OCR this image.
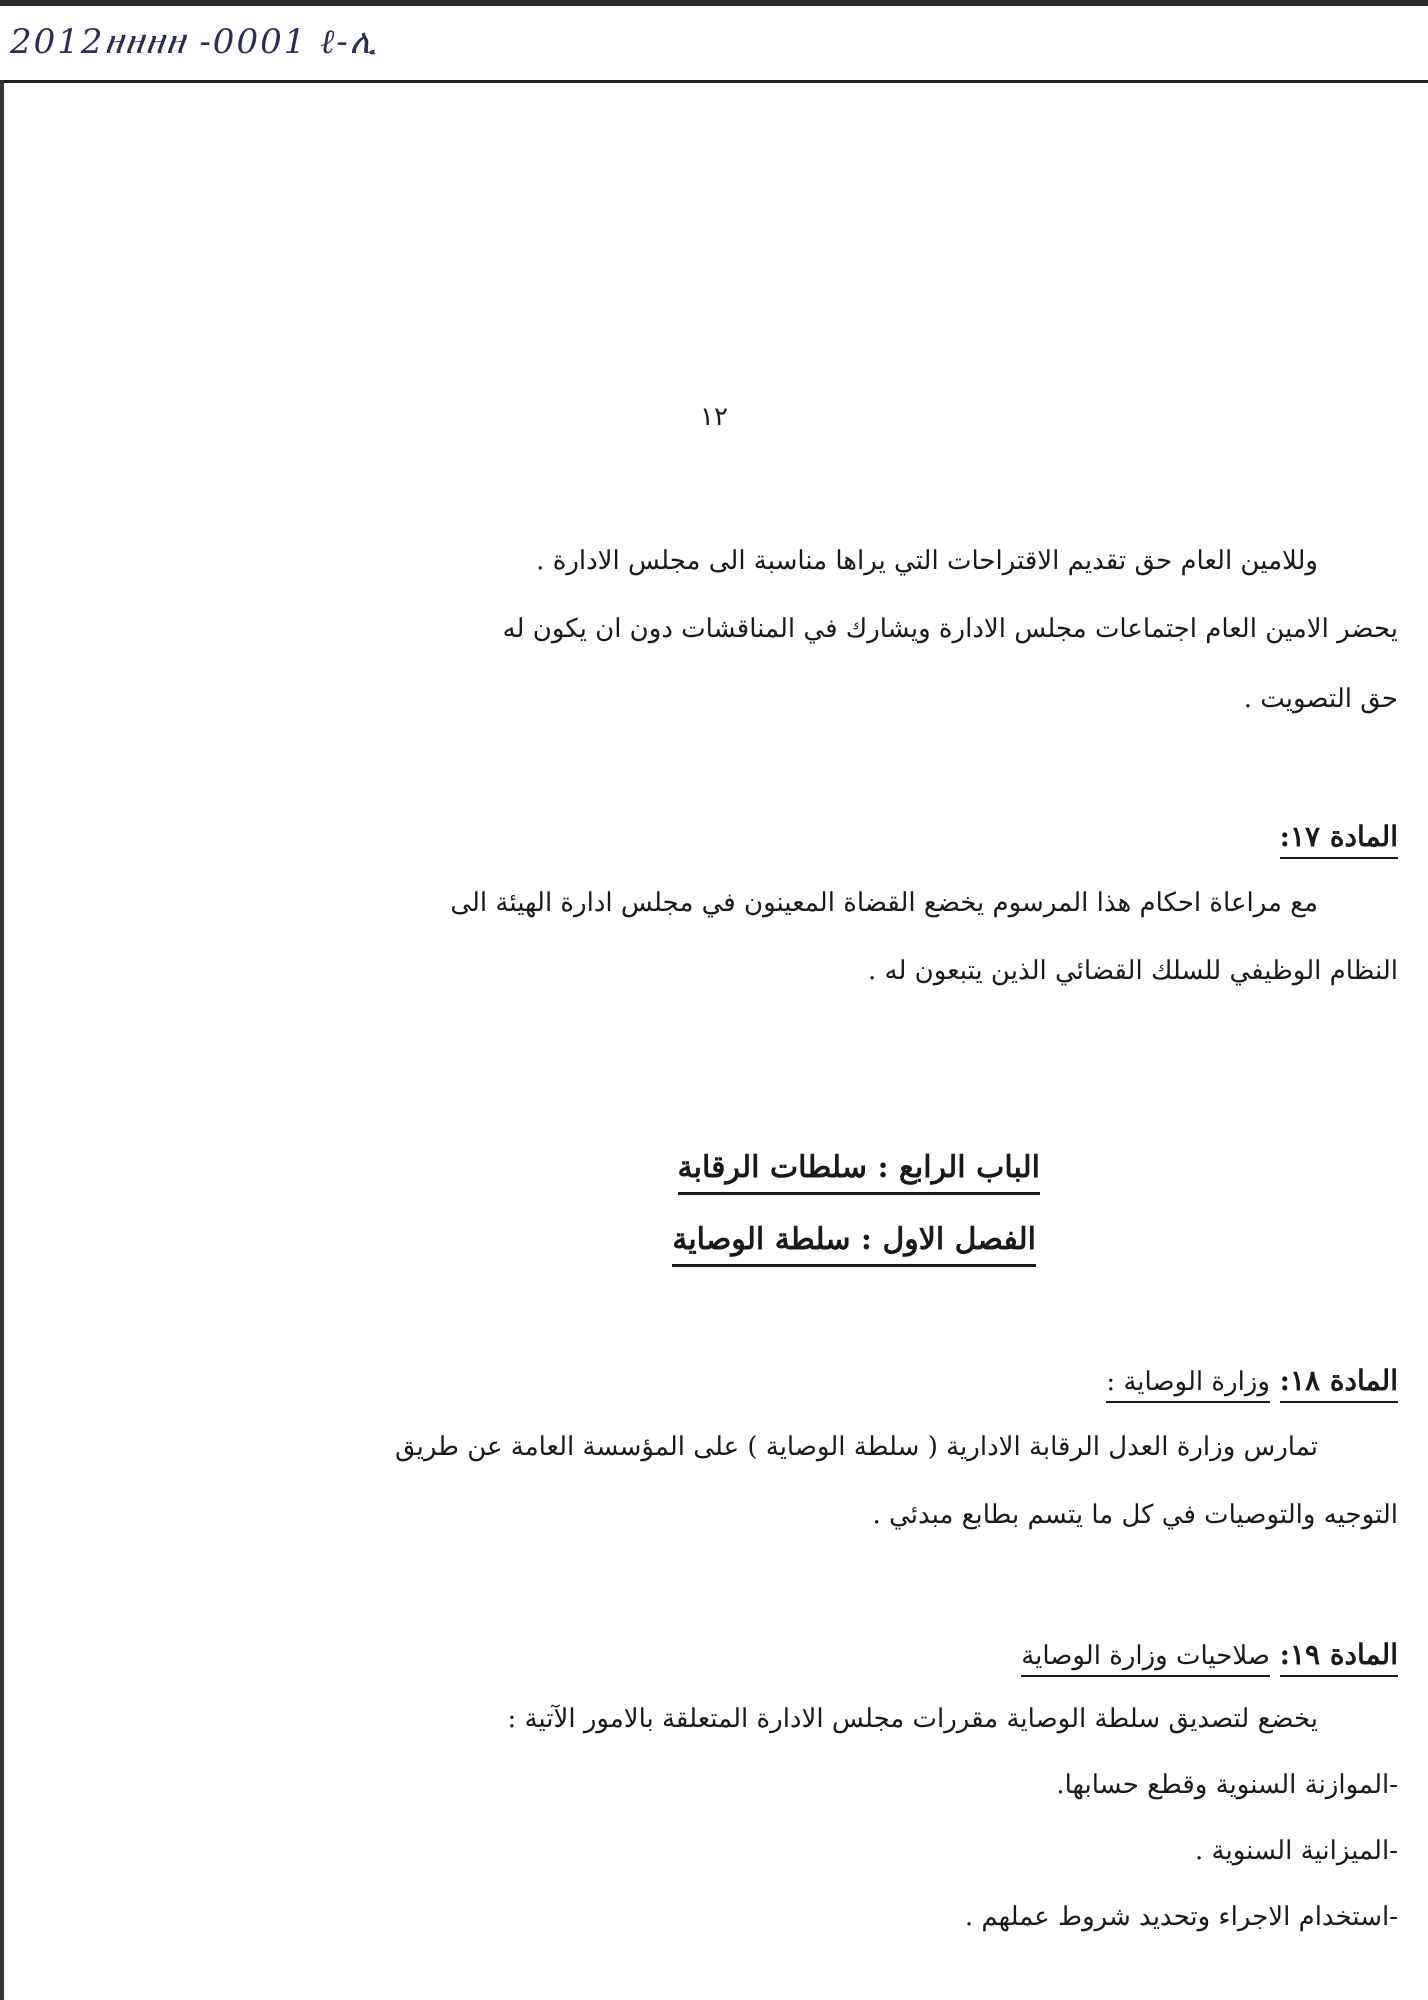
2012ዘዘዘዘ -0001 ℓ-ሊ
١٢
وللامين العام حق تقديم الاقتراحات التي يراها مناسبة الى مجلس الادارة .
يحضر الامين العام اجتماعات مجلس الادارة ويشارك في المناقشات دون ان يكون له
حق التصويت .
المادة ١٧:
مع مراعاة احكام هذا المرسوم يخضع القضاة المعينون في مجلس ادارة الهيئة الى
النظام الوظيفي للسلك القضائي الذين يتبعون له .
الباب الرابع : سلطات الرقابة
الفصل الاول : سلطة الوصاية
المادة ١٨: وزارة الوصاية :
تمارس وزارة العدل الرقابة الادارية ( سلطة الوصاية ) على المؤسسة العامة عن طريق
التوجيه والتوصيات في كل ما يتسم بطابع مبدئي .
المادة ١٩: صلاحيات وزارة الوصاية
يخضع لتصديق سلطة الوصاية مقررات مجلس الادارة المتعلقة بالامور الآتية :
-الموازنة السنوية وقطع حسابها.
-الميزانية السنوية .
-استخدام الاجراء وتحديد شروط عملهم .
